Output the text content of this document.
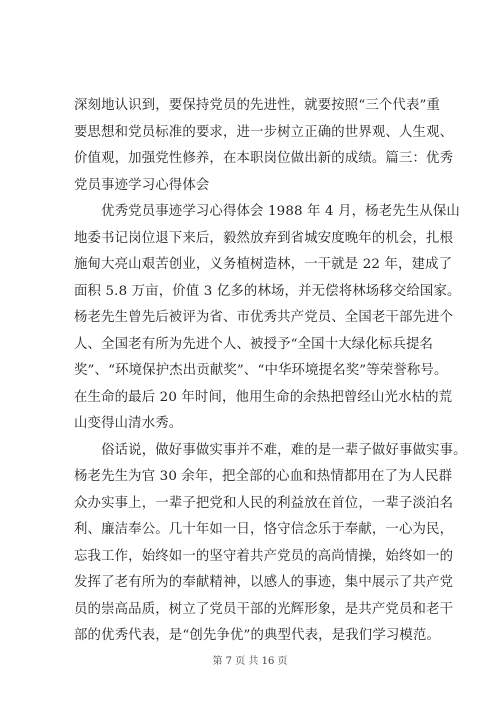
深刻地认识到，要保持党员的先进性，就要按照“三个代表”重
要思想和党员标准的要求，进一步树立正确的世界观、人生观、
价值观，加强党性修养，在本职岗位做出新的成绩。篇三：优秀
党员事迹学习心得体会
　　优秀党员事迹学习心得体会 1988 年 4 月，杨老先生从保山
地委书记岗位退下来后，毅然放弃到省城安度晚年的机会，扎根
施甸大亮山艰苦创业，义务植树造林，一干就是 22 年，建成了
面积 5.8 万亩，价值 3 亿多的林场，并无偿将林场移交给国家。
杨老先生曾先后被评为省、市优秀共产党员、全国老干部先进个
人、全国老有所为先进个人、被授予“全国十大绿化标兵提名
奖”、“环境保护杰出贡献奖”、“中华环境提名奖”等荣誉称号。
在生命的最后 20 年时间，他用生命的余热把曾经山光水枯的荒
山变得山清水秀。
　　俗话说，做好事做实事并不难，难的是一辈子做好事做实事。
杨老先生为官 30 余年，把全部的心血和热情都用在了为人民群
众办实事上，一辈子把党和人民的利益放在首位，一辈子淡泊名
利、廉洁奉公。几十年如一日，恪守信念乐于奉献，一心为民，
忘我工作，始终如一的坚守着共产党员的高尚情操，始终如一的
发挥了老有所为的奉献精神，以感人的事迹，集中展示了共产党
员的崇高品质，树立了党员干部的光辉形象，是共产党员和老干
部的优秀代表，是“创先争优”的典型代表，是我们学习模范。
第 7 页 共 16 页
